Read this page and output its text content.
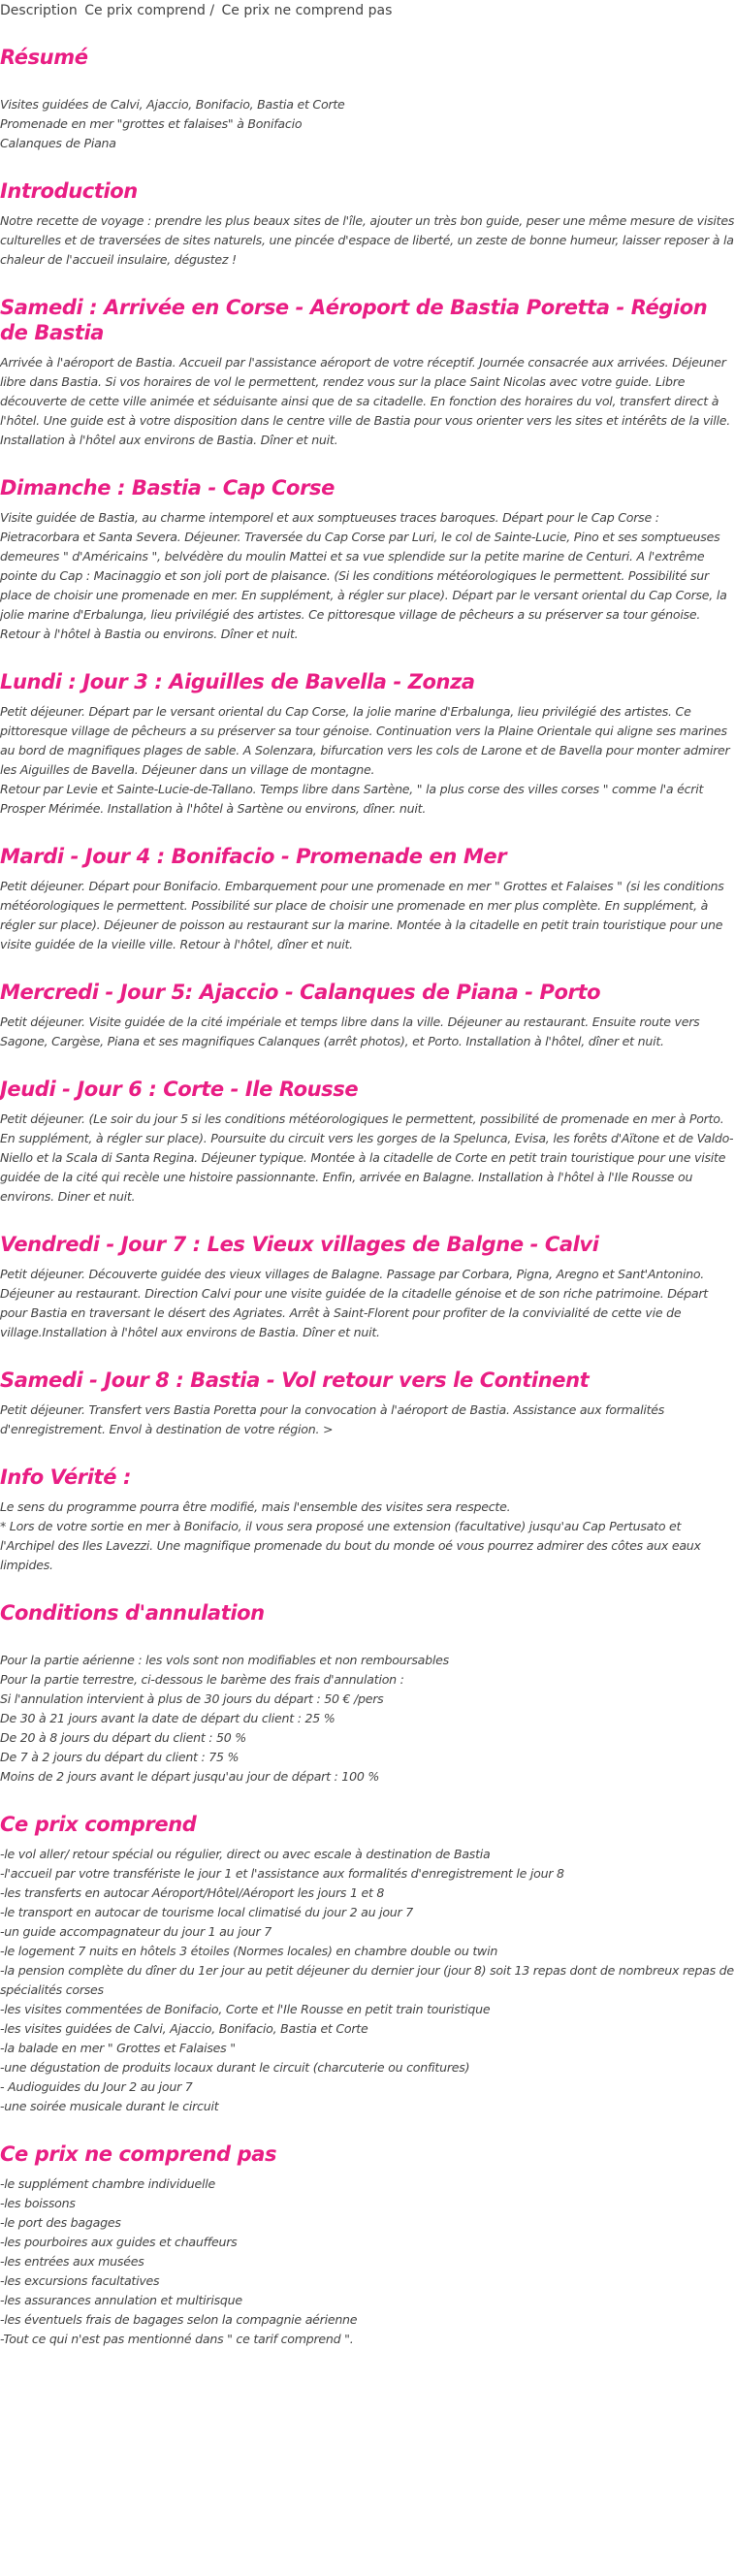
Description Ce prix comprend / Ce prix ne comprend pas
Résumé

Visites guidées de Calvi, Ajaccio, Bonifacio, Bastia et Corte
Promenade en mer "grottes et falaises" à Bonifacio
Calanques de Piana

Introduction

Notre recette de voyage : prendre les plus beaux sites de l'île, ajouter un très bon guide, peser une même mesure de visites culturelles et de traversées de sites naturels, une pincée d'espace de liberté, un zeste de bonne humeur, laisser reposer à la chaleur de l'accueil insulaire, dégustez !

Samedi : Arrivée en Corse - Aéroport de Bastia Poretta - Région de Bastia

Arrivée à l'aéroport de Bastia. Accueil par l'assistance aéroport de votre réceptif. Journée consacrée aux arrivées. Déjeuner libre dans Bastia. Si vos horaires de vol le permettent, rendez vous sur la place Saint Nicolas avec votre guide. Libre découverte de cette ville animée et séduisante ainsi que de sa citadelle. En fonction des horaires du vol, transfert direct à l'hôtel. Une guide est à votre disposition dans le centre ville de Bastia pour vous orienter vers les sites et intérêts de la ville. Installation à l'hôtel aux environs de Bastia. Dîner et nuit.

Dimanche : Bastia - Cap Corse

Visite guidée de Bastia, au charme intemporel et aux somptueuses traces baroques. Départ pour le Cap Corse : Pietracorbara et Santa Severa. Déjeuner. Traversée du Cap Corse par Luri, le col de Sainte-Lucie, Pino et ses somptueuses demeures " d'Américains ", belvédère du moulin Mattei et sa vue splendide sur la petite marine de Centuri. A l'extrême pointe du Cap : Macinaggio et son joli port de plaisance. (Si les conditions météorologiques le permettent. Possibilité sur place de choisir une promenade en mer. En supplément, à régler sur place). Départ par le versant oriental du Cap Corse, la jolie marine d'Erbalunga, lieu privilégié des artistes. Ce pittoresque village de pêcheurs a su préserver sa tour génoise. Retour à l'hôtel à Bastia ou environs. Dîner et nuit.

Lundi : Jour 3 : Aiguilles de Bavella - Zonza

Petit déjeuner. Départ par le versant oriental du Cap Corse, la jolie marine d'Erbalunga, lieu privilégié des artistes. Ce pittoresque village de pêcheurs a su préserver sa tour génoise. Continuation vers la Plaine Orientale qui aligne ses marines au bord de magnifiques plages de sable. A Solenzara, bifurcation vers les cols de Larone et de Bavella pour monter admirer les Aiguilles de Bavella. Déjeuner dans un village de montagne.
Retour par Levie et Sainte-Lucie-de-Tallano. Temps libre dans Sartène, " la plus corse des villes corses " comme l'a écrit Prosper Mérimée. Installation à l'hôtel à Sartène ou environs, dîner. nuit.

Mardi - Jour 4 : Bonifacio - Promenade en Mer

Petit déjeuner. Départ pour Bonifacio. Embarquement pour une promenade en mer " Grottes et Falaises " (si les conditions météorologiques le permettent. Possibilité sur place de choisir une promenade en mer plus complète. En supplément, à régler sur place). Déjeuner de poisson au restaurant sur la marine. Montée à la citadelle en petit train touristique pour une visite guidée de la vieille ville. Retour à l'hôtel, dîner et nuit.

Mercredi - Jour 5: Ajaccio - Calanques de Piana - Porto

Petit déjeuner. Visite guidée de la cité impériale et temps libre dans la ville. Déjeuner au restaurant. Ensuite route vers Sagone, Cargèse, Piana et ses magnifiques Calanques (arrêt photos), et Porto. Installation à l'hôtel, dîner et nuit.

Jeudi - Jour 6 : Corte - Ile Rousse

Petit déjeuner. (Le soir du jour 5 si les conditions météorologiques le permettent, possibilité de promenade en mer à Porto. En supplément, à régler sur place). Poursuite du circuit vers les gorges de la Spelunca, Evisa, les forêts d'Aïtone et de Valdo-Niello et la Scala di Santa Regina. Déjeuner typique. Montée à la citadelle de Corte en petit train touristique pour une visite guidée de la cité qui recèle une histoire passionnante. Enfin, arrivée en Balagne. Installation à l'hôtel à l'Ile Rousse ou environs. Diner et nuit.

Vendredi - Jour 7 : Les Vieux villages de Balgne - Calvi

Petit déjeuner. Découverte guidée des vieux villages de Balagne. Passage par Corbara, Pigna, Aregno et Sant'Antonino. Déjeuner au restaurant. Direction Calvi pour une visite guidée de la citadelle génoise et de son riche patrimoine. Départ pour Bastia en traversant le désert des Agriates. Arrêt à Saint-Florent pour profiter de la convivialité de cette vie de village.Installation à l'hôtel aux environs de Bastia. Dîner et nuit.

Samedi - Jour 8 : Bastia - Vol retour vers le Continent

Petit déjeuner. Transfert vers Bastia Poretta pour la convocation à l'aéroport de Bastia. Assistance aux formalités d'enregistrement. Envol à destination de votre région. >

Info Vérité :

Le sens du programme pourra être modifié, mais l'ensemble des visites sera respecte.
* Lors de votre sortie en mer à Bonifacio, il vous sera proposé une extension (facultative) jusqu'au Cap Pertusato et l'Archipel des Iles Lavezzi. Une magnifique promenade du bout du monde oé vous pourrez admirer des côtes aux eaux limpides.

Conditions d'annulation

Pour la partie aérienne : les vols sont non modifiables et non remboursables
Pour la partie terrestre, ci-dessous le barème des frais d'annulation :
Si l'annulation intervient à plus de 30 jours du départ : 50 € /pers
De 30 à 21 jours avant la date de départ du client : 25 %
De 20 à 8 jours du départ du client : 50 %
De 7 à 2 jours du départ du client : 75 %
Moins de 2 jours avant le départ jusqu'au jour de départ : 100 %

Ce prix comprend

-le vol aller/ retour spécial ou régulier, direct ou avec escale à destination de Bastia
-l'accueil par votre transfériste le jour 1 et l'assistance aux formalités d'enregistrement le jour 8
-les transferts en autocar Aéroport/Hôtel/Aéroport les jours 1 et 8
-le transport en autocar de tourisme local climatisé du jour 2 au jour 7
-un guide accompagnateur du jour 1 au jour 7
-le logement 7 nuits en hôtels 3 étoiles (Normes locales) en chambre double ou twin
-la pension complète du dîner du 1er jour au petit déjeuner du dernier jour (jour 8) soit 13 repas dont de nombreux repas de spécialités corses
-les visites commentées de Bonifacio, Corte et l'Ile Rousse en petit train touristique
-les visites guidées de Calvi, Ajaccio, Bonifacio, Bastia et Corte
-la balade en mer " Grottes et Falaises "
-une dégustation de produits locaux durant le circuit (charcuterie ou confitures)
- Audioguides du Jour 2 au jour 7
-une soirée musicale durant le circuit

Ce prix ne comprend pas

-le supplément chambre individuelle
-les boissons
-le port des bagages
-les pourboires aux guides et chauffeurs
-les entrées aux musées
-les excursions facultatives
-les assurances annulation et multirisque
-les éventuels frais de bagages selon la compagnie aérienne
-Tout ce qui n'est pas mentionné dans " ce tarif comprend ".
